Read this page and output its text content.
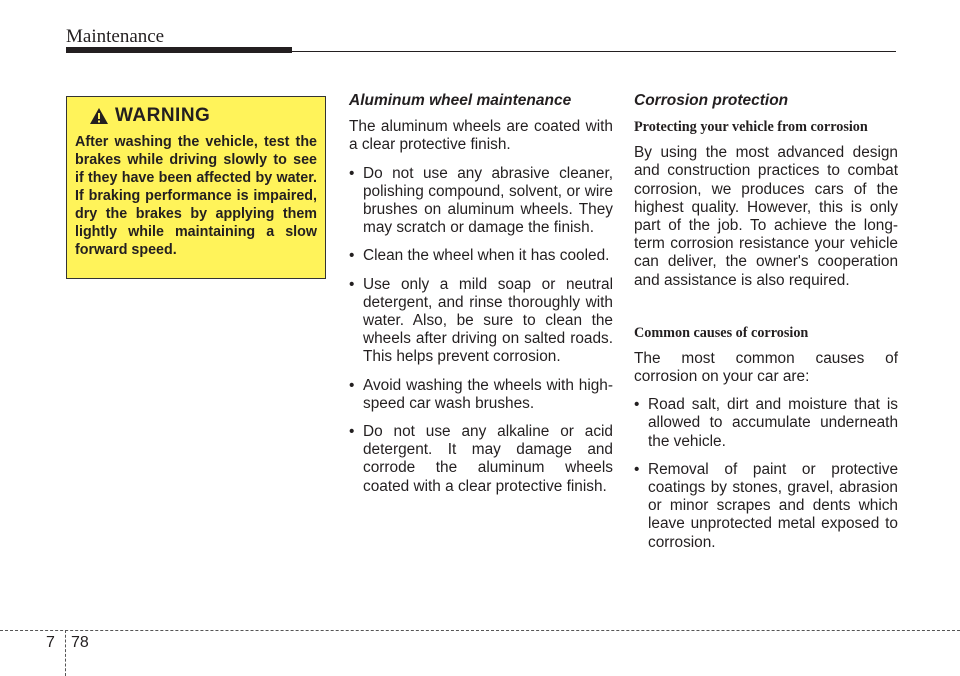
Maintenance
WARNING
After washing the vehicle, test the brakes while driving slowly to see if they have been affected by water. If braking performance is impaired, dry the brakes by applying them lightly while maintaining a slow forward speed.
Aluminum wheel maintenance

The aluminum wheels are coated with a clear protective finish.

• Do not use any abrasive cleaner, polishing compound, solvent, or wire brushes on aluminum wheels. They may scratch or damage the finish.
• Clean the wheel when it has cooled.
• Use only a mild soap or neutral detergent, and rinse thoroughly with water. Also, be sure to clean the wheels after driving on salted roads. This helps prevent corrosion.
• Avoid washing the wheels with high-speed car wash brushes.
• Do not use any alkaline or acid detergent. It may damage and corrode the aluminum wheels coated with a clear protective finish.
Corrosion protection
Protecting your vehicle from corrosion

By using the most advanced design and construction practices to combat corrosion, we produces cars of the highest quality. However, this is only part of the job. To achieve the long-term corrosion resistance your vehicle can deliver, the owner's cooperation and assistance is also required.

Common causes of corrosion

The most common causes of corrosion on your car are:

• Road salt, dirt and moisture that is allowed to accumulate underneath the vehicle.
• Removal of paint or protective coatings by stones, gravel, abrasion or minor scrapes and dents which leave unprotected metal exposed to corrosion.
7 78
